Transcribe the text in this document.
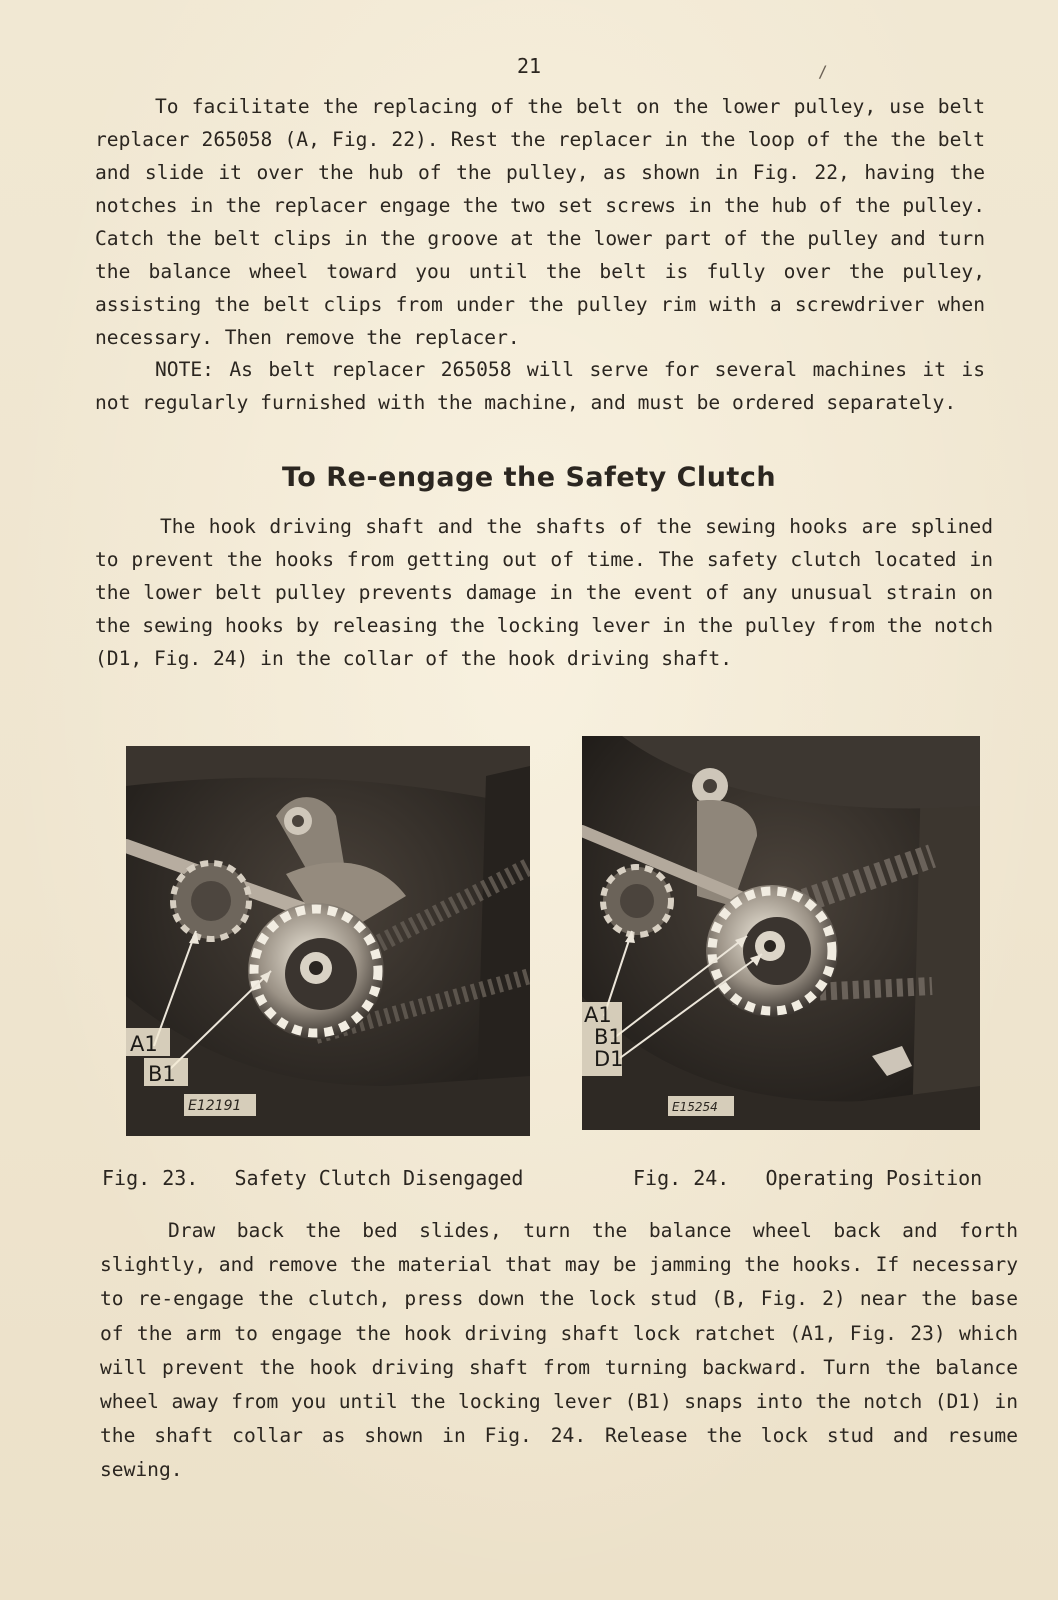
21	/

To facilitate the replacing of the belt on the lower pulley, use belt replacer 265058 (A, Fig. 22). Rest the replacer in the loop of the the belt and slide it over the hub of the pulley, as shown in Fig. 22, having the notches in the replacer engage the two set screws in the hub of the pulley. Catch the belt clips in the groove at the lower part of the pulley and turn the balance wheel toward you until the belt is fully over the pulley, assisting the belt clips from under the pulley rim with a screwdriver when necessary. Then remove the replacer.

NOTE: As belt replacer 265058 will serve for several machines it is not regularly furnished with the machine, and must be ordered separately.

To Re-engage the Safety Clutch

The hook driving shaft and the shafts of the sewing hooks are splined to prevent the hooks from getting out of time. The safety clutch located in the lower belt pulley prevents damage in the event of any unusual strain on the sewing hooks by releasing the locking lever in the pulley from the notch (D1, Fig. 24) in the collar of the hook driving shaft.

A1
B1
E12191
A1
B1
D1
E15254
Fig. 23.   Safety Clutch Disengaged	Fig. 24.   Operating Position

Draw back the bed slides, turn the balance wheel back and forth slightly, and remove the material that may be jamming the hooks. If necessary to re-engage the clutch, press down the lock stud (B, Fig. 2) near the base of the arm to engage the hook driving shaft lock ratchet (A1, Fig. 23) which will prevent the hook driving shaft from turning backward. Turn the balance wheel away from you until the locking lever (B1) snaps into the notch (D1) in the shaft collar as shown in Fig. 24. Release the lock stud and resume sewing.
